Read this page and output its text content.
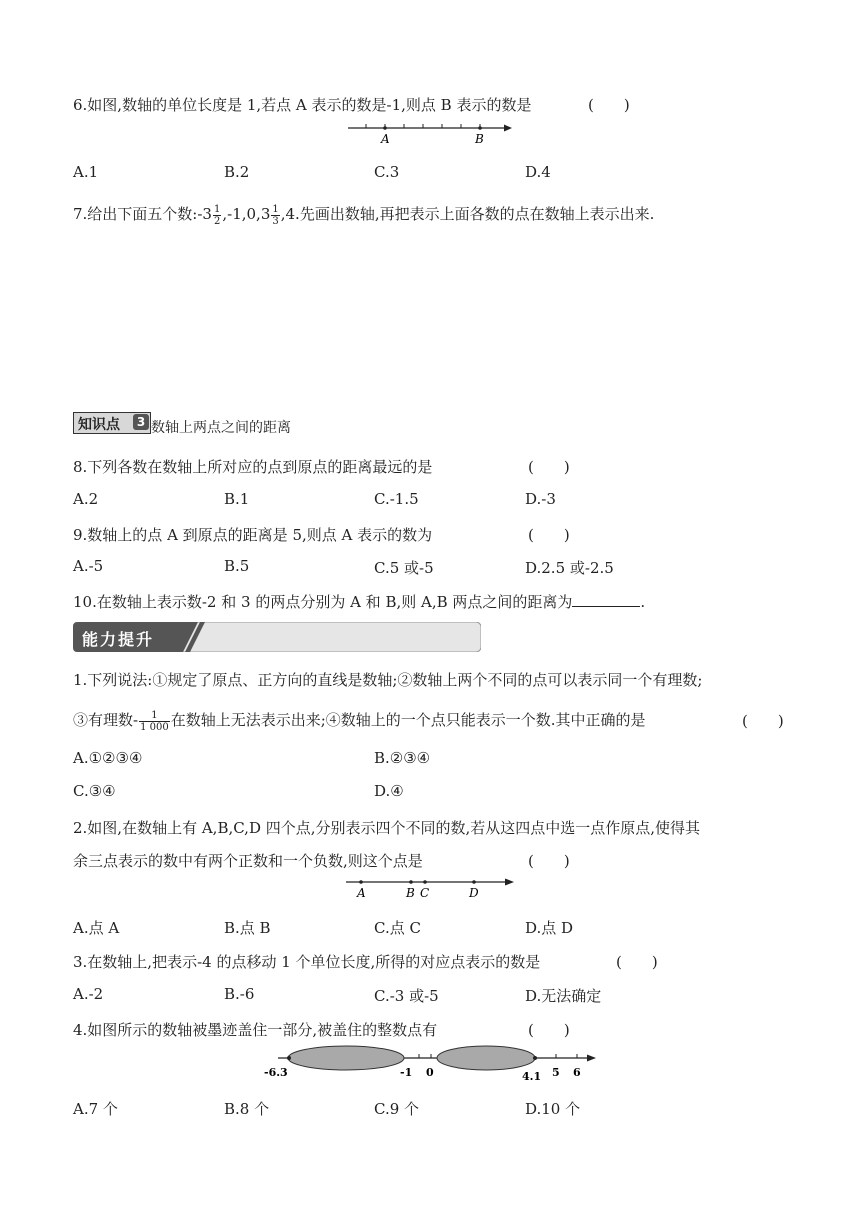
6.如图,数轴的单位长度是 1,若点 A 表示的数是-1,则点 B 表示的数是	(　　)
A	B
A.1	B.2	C.3	D.4
7.给出下面五个数:-3 $\frac{1}{2} ,-1,0,3 \frac{1}{3} ,4$.先画出数轴,再把表示上面各数的点在数轴上表示出来.
知识点	3 数轴上两点之间的距离
8.下列各数在数轴上所对应的点到原点的距离最远的是	(　　)
A.2	B.1	C.-1.5	D.-3
9.数轴上的点 A 到原点的距离是 5,则点 A 表示的数为	(　　)
A.-5	B.5	C.5 或-5	D.2.5 或-2.5
10.在数轴上表示数-2 和 3 的两点分别为 A 和 B,则 A,B 两点之间的距离为	.
能力提升
1.下列说法:①规定了原点、正方向的直线是数轴;②数轴上两个不同的点可以表示同一个有理数;
③有理数- $\frac{1}{1 000}$ 在数轴上无法表示出来;④数轴上的一个点只能表示一个数.其中正确的是	(　　)
A.①②③④	B.②③④
C.③④	D.④
2.如图,在数轴上有 A,B,C,D 四个点,分别表示四个不同的数,若从这四点中选一点作原点,使得其
余三点表示的数中有两个正数和一个负数,则这个点是	(　　)
A	B C	D
A.点 A	B.点 B	C.点 C	D.点 D
3.在数轴上,把表示-4 的点移动 1 个单位长度,所得的对应点表示的数是	(　　)
A.-2	B.-6	C.-3 或-5	D.无法确定
4.如图所示的数轴被墨迹盖住一部分,被盖住的整数点有	(　　)
-6.3	-1 0	4.1 5 6
A.7 个	B.8 个	C.9 个	D.10 个
